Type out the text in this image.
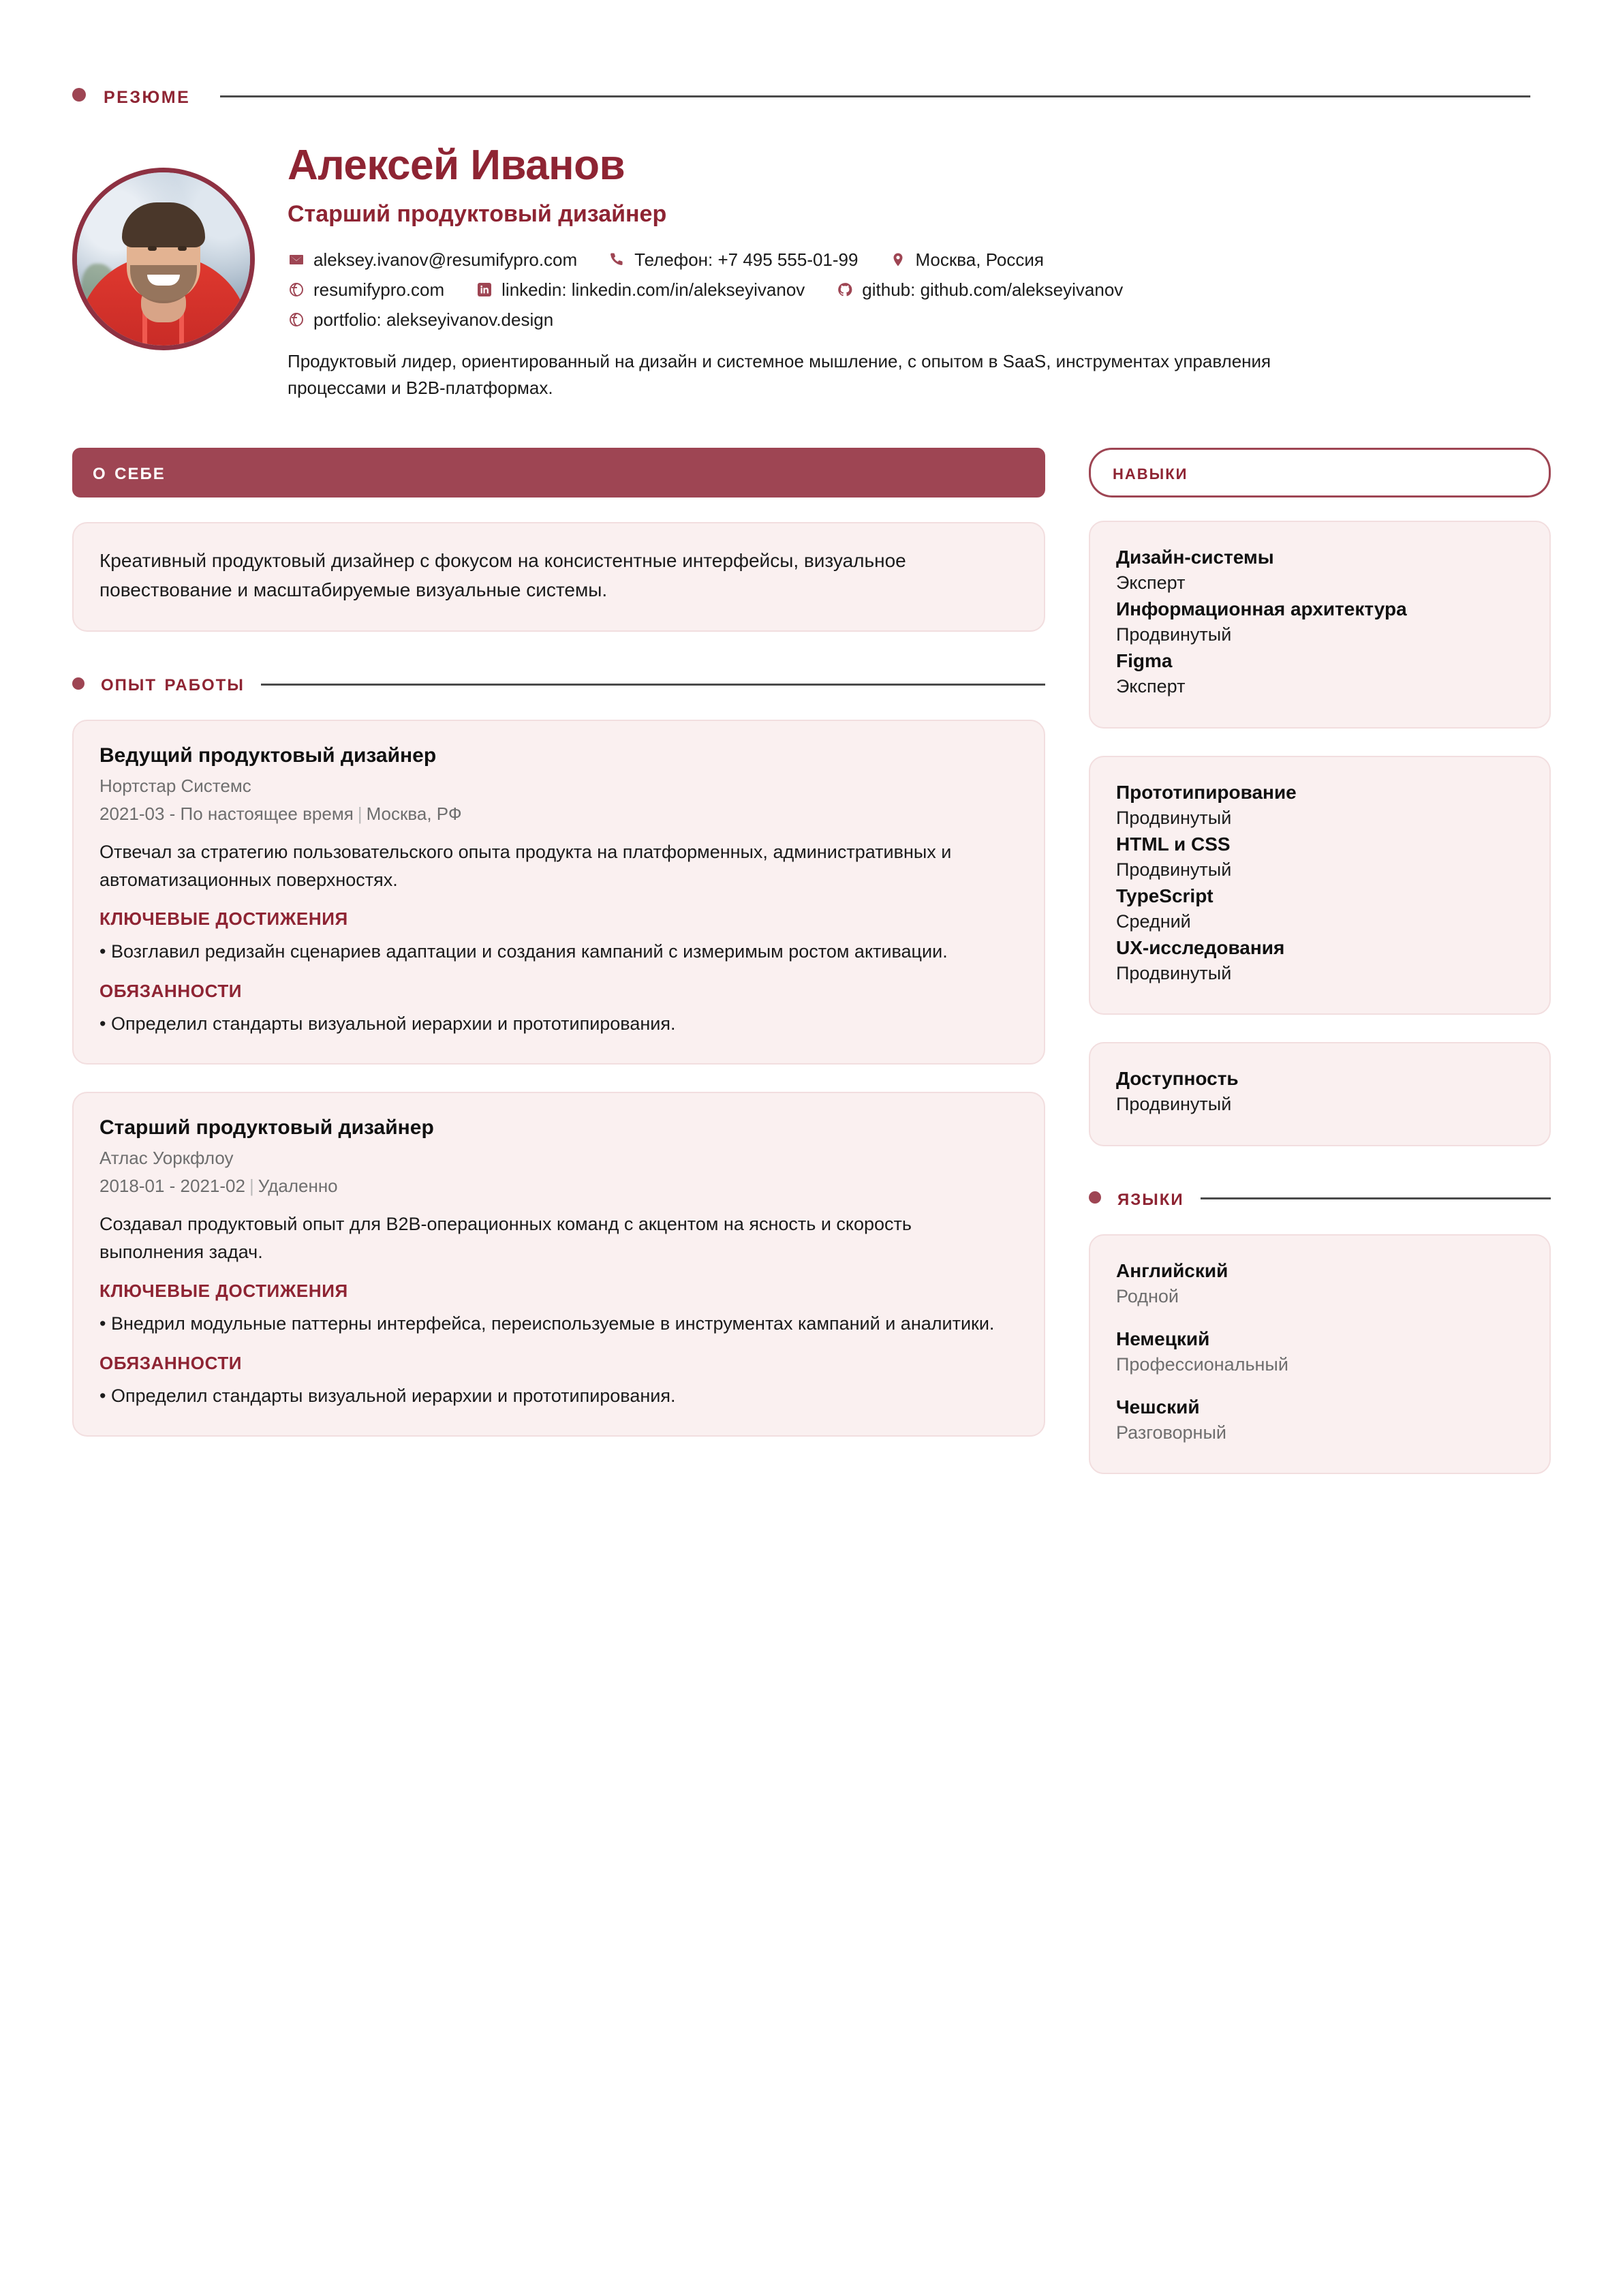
резюме
Алексей Иванов
Старший продуктовый дизайнер
aleksey.ivanov@resumifypro.com	Телефон: +7 495 555-01-99	Москва, Россия
resumifypro.com	linkedin: linkedin.com/in/alekseyivanov	github: github.com/alekseyivanov
portfolio: alekseyivanov.design
Продуктовый лидер, ориентированный на дизайн и системное мышление, с опытом в SaaS, инструментах управления процессами и B2B-платформах.
о себе
Креативный продуктовый дизайнер с фокусом на консистентные интерфейсы, визуальное повествование и масштабируемые визуальные системы.
опыт работы
Ведущий продуктовый дизайнер
Нортстар Системс
2021-03 - По настоящее время | Москва, РФ
Отвечал за стратегию пользовательского опыта продукта на платформенных, административных и автоматизационных поверхностях.
КЛЮЧЕВЫЕ ДОСТИЖЕНИЯ
• Возглавил редизайн сценариев адаптации и создания кампаний с измеримым ростом активации.
ОБЯЗАННОСТИ
• Определил стандарты визуальной иерархии и прототипирования.
Старший продуктовый дизайнер
Атлас Уоркфлоу
2018-01 - 2021-02 | Удаленно
Создавал продуктовый опыт для B2B-операционных команд с акцентом на ясность и скорость выполнения задач.
КЛЮЧЕВЫЕ ДОСТИЖЕНИЯ
• Внедрил модульные паттерны интерфейса, переиспользуемые в инструментах кампаний и аналитики.
ОБЯЗАННОСТИ
• Определил стандарты визуальной иерархии и прототипирования.
навыки
Дизайн-системы
Эксперт
Информационная архитектура
Продвинутый
Figma
Эксперт
Прототипирование
Продвинутый
HTML и CSS
Продвинутый
TypeScript
Средний
UX-исследования
Продвинутый
Доступность
Продвинутый
языки
Английский
Родной
Немецкий
Профессиональный
Чешский
Разговорный
